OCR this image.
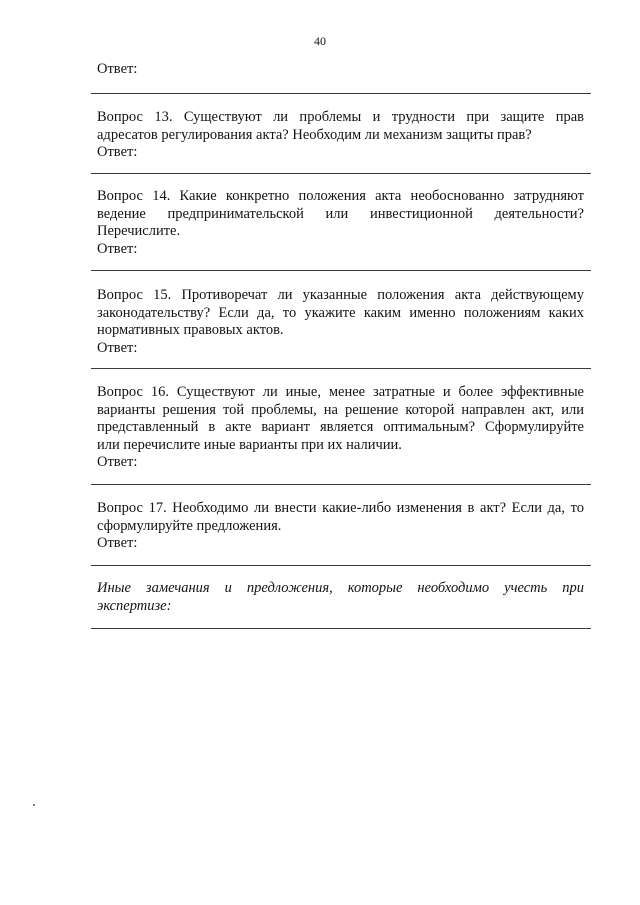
40
Ответ:
Вопрос 13. Существуют ли проблемы и трудности при защите прав
адресатов регулирования акта? Необходим ли механизм защиты прав?
Ответ:
Вопрос 14. Какие конкретно положения акта необоснованно затрудняют
ведение предпринимательской или инвестиционной деятельности?
Перечислите.
Ответ:
Вопрос 15. Противоречат ли указанные положения акта действующему
законодательству? Если да, то укажите каким именно положениям каких
нормативных правовых актов.
Ответ:
Вопрос 16. Существуют ли иные, менее затратные и более эффективные
варианты решения той проблемы, на решение которой направлен акт, или
представленный в акте вариант является оптимальным? Сформулируйте
или перечислите иные варианты при их наличии.
Ответ:
Вопрос 17. Необходимо ли внести какие-либо изменения в акт? Если да, то
сформулируйте предложения.
Ответ:
Иные замечания и предложения, которые необходимо учесть при
экспертизе:
